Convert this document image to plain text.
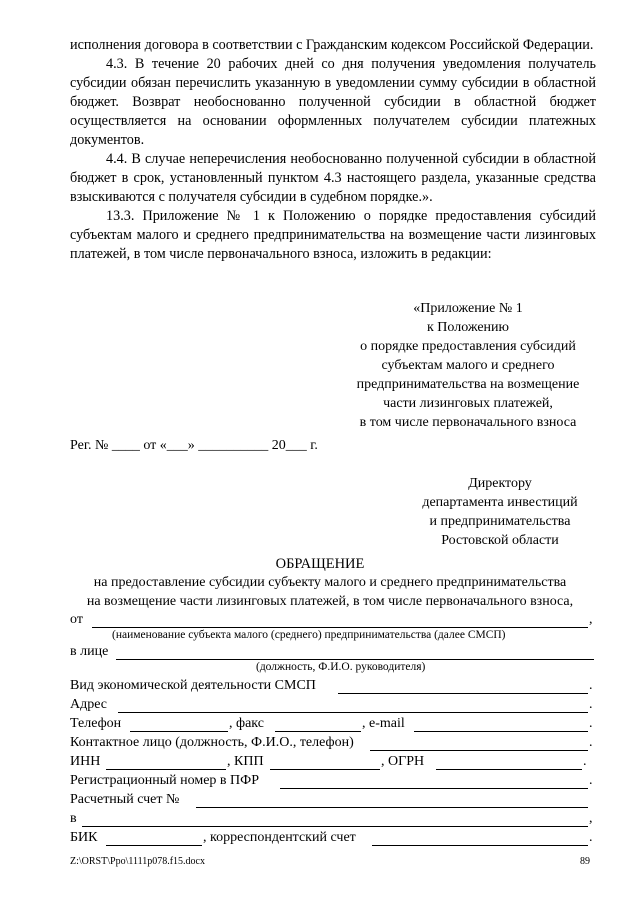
исполнения договора в соответствии с Гражданским кодексом Российской Федерации.

4.3. В течение 20 рабочих дней со дня получения уведомления получатель субсидии обязан перечислить указанную в уведомлении сумму субсидии в областной бюджет. Возврат необоснованно полученной субсидии в областной бюджет осуществляется на основании оформленных получателем субсидии платежных документов.

4.4. В случае неперечисления необоснованно полученной субсидии в областной бюджет в срок, установленный пунктом 4.3 настоящего раздела, указанные средства взыскиваются с получателя субсидии в судебном порядке.».

13.3. Приложение № 1 к Положению о порядке предоставления субсидий субъектам малого и среднего предпринимательства на возмещение части лизинговых платежей, в том числе первоначального взноса, изложить в редакции:

«Приложение № 1
к Положению
о порядке предоставления субсидий
субъектам малого и среднего
предпринимательства на возмещение
части лизинговых платежей,
в том числе первоначального взноса
Рег. № ____ от «___» __________ 20___ г.
Директору
департамента инвестиций
и предпринимательства
Ростовской области
ОБРАЩЕНИЕ
на предоставление субсидии субъекту малого и среднего предпринимательства
на возмещение части лизинговых платежей, в том числе первоначального взноса,
от	,
(наименование субъекта малого (среднего) предпринимательства (далее СМСП)
в лице
(должность, Ф.И.О. руководителя)
Вид экономической деятельности СМСП	.
Адрес	.
Телефон	, факс	, e-mail	.
Контактное лицо (должность, Ф.И.О., телефон)	.
ИНН	, КПП	, ОГРН	.
Регистрационный номер в ПФР	.
Расчетный счет №
в	,
БИК	, корреспондентский счет	.
Z:\ORST\Ppo\1111p078.f15.docx	89
